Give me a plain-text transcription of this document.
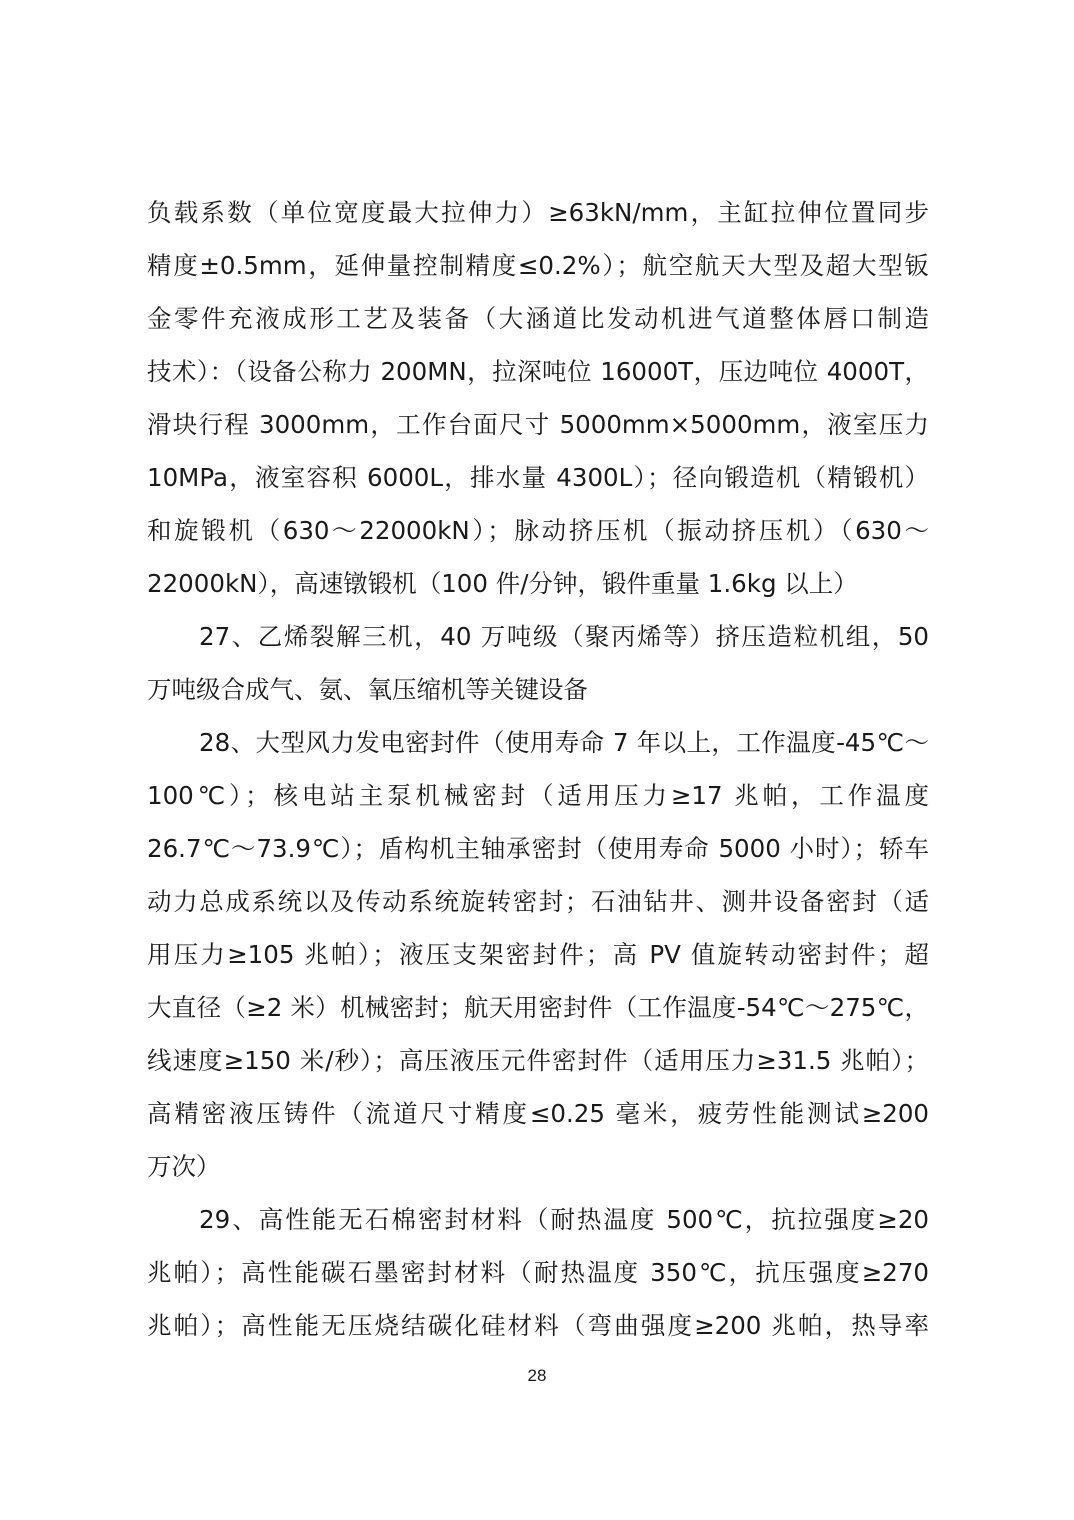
负载系数（单位宽度最大拉伸力）≥63kN/mm，主缸拉伸位置同步
精度±0.5mm，延伸量控制精度≤0.2%）；航空航天大型及超大型钣
金零件充液成形工艺及装备（大涵道比发动机进气道整体唇口制造
技术）：（设备公称力 200MN，拉深吨位 16000T，压边吨位 4000T，
滑块行程 3000mm，工作台面尺寸 5000mm×5000mm，液室压力
10MPa，液室容积 6000L，排水量 4300L）；径向锻造机（精锻机）
和旋锻机（630～22000kN）；脉动挤压机（振动挤压机）（630～
22000kN），高速镦锻机（100 件/分钟，锻件重量 1.6kg 以上）
27、乙烯裂解三机，40 万吨级（聚丙烯等）挤压造粒机组，50
万吨级合成气、氨、氧压缩机等关键设备
28、大型风力发电密封件（使用寿命 7 年以上，工作温度-45℃～
100℃）；核电站主泵机械密封（适用压力≥17 兆帕，工作温度
26.7℃～73.9℃）；盾构机主轴承密封（使用寿命 5000 小时）；轿车
动力总成系统以及传动系统旋转密封；石油钻井、测井设备密封（适
用压力≥105 兆帕）；液压支架密封件；高 PV 值旋转动密封件；超
大直径（≥2 米）机械密封；航天用密封件（工作温度-54℃～275℃，
线速度≥150 米/秒）；高压液压元件密封件（适用压力≥31.5 兆帕）；
高精密液压铸件（流道尺寸精度≤0.25 毫米，疲劳性能测试≥200
万次）
29、高性能无石棉密封材料（耐热温度 500℃，抗拉强度≥20
兆帕）；高性能碳石墨密封材料（耐热温度 350℃，抗压强度≥270
兆帕）；高性能无压烧结碳化硅材料（弯曲强度≥200 兆帕，热导率
28
